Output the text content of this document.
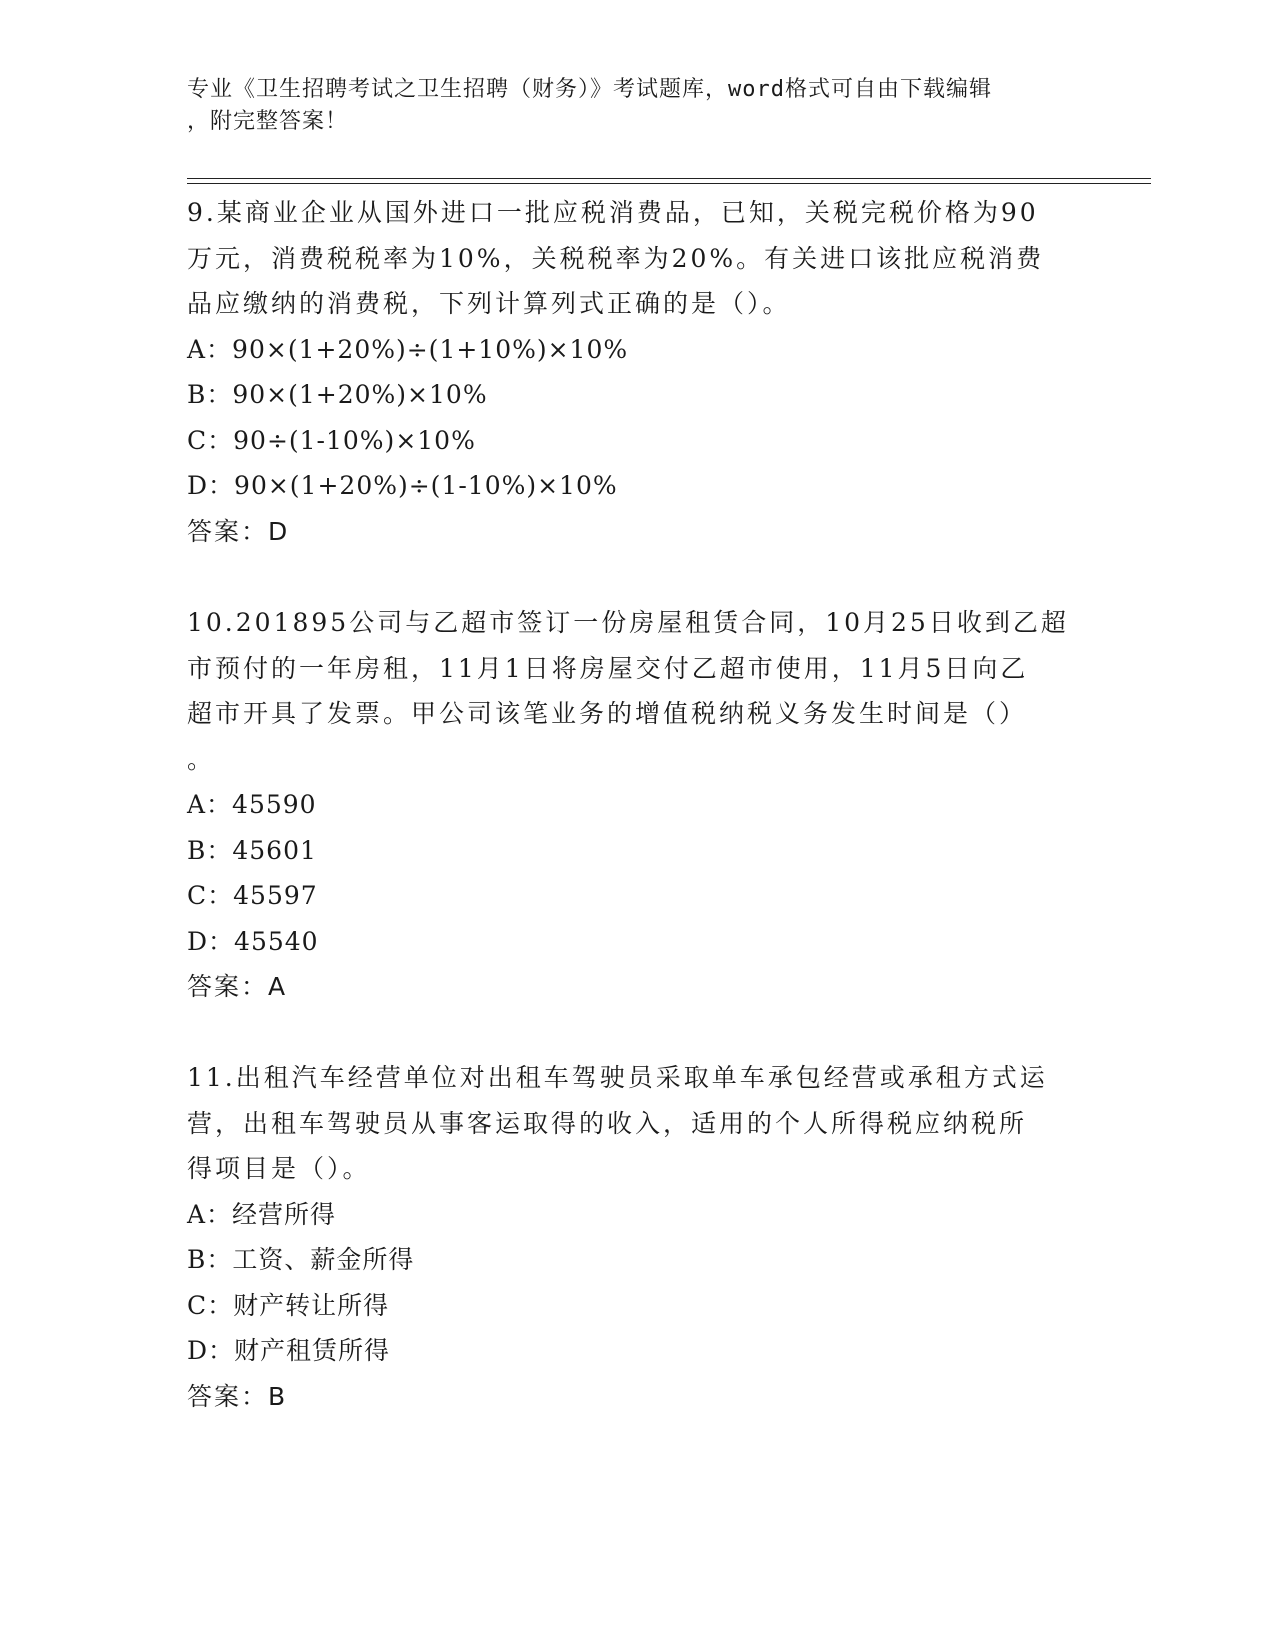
专业《卫生招聘考试之卫生招聘（财务）》考试题库，word格式可自由下载编辑
，附完整答案！
9.某商业企业从国外进口一批应税消费品，已知，关税完税价格为90
万元，消费税税率为10%，关税税率为20%。有关进口该批应税消费
品应缴纳的消费税，下列计算列式正确的是（）。
A：90×(1+20%)÷(1+10%)×10%
B：90×(1+20%)×10%
C：90÷(1-10%)×10%
D：90×(1+20%)÷(1-10%)×10%
答案：D
10.201895公司与乙超市签订一份房屋租赁合同，10月25日收到乙超
市预付的一年房租，11月1日将房屋交付乙超市使用，11月5日向乙
超市开具了发票。甲公司该笔业务的增值税纳税义务发生时间是（）
。
A：45590
B：45601
C：45597
D：45540
答案：A
11.出租汽车经营单位对出租车驾驶员采取单车承包经营或承租方式运
营，出租车驾驶员从事客运取得的收入，适用的个人所得税应纳税所
得项目是（）。
A：经营所得
B：工资、薪金所得
C：财产转让所得
D：财产租赁所得
答案：B
